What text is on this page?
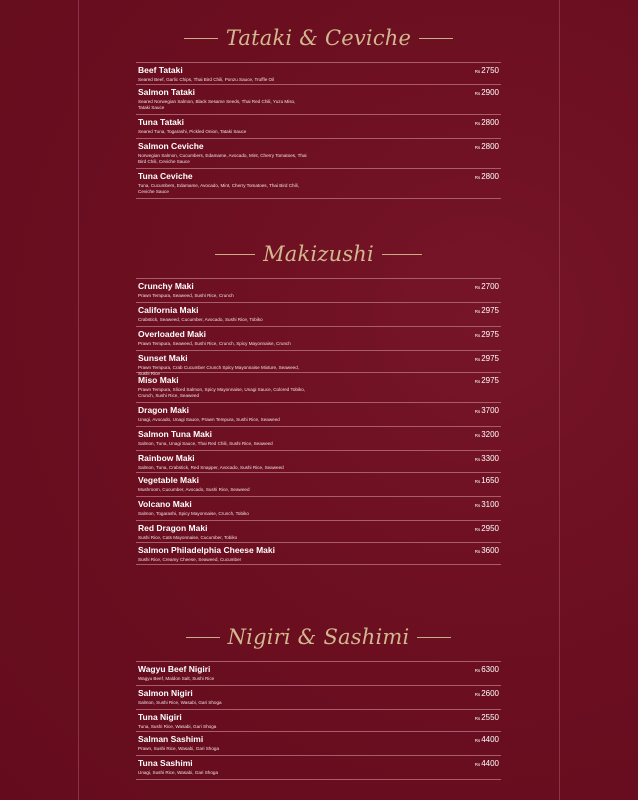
Tataki & Ceviche
Beef Tataki
Seared Beef, Garlic Chips, Thai Bird Chili, Ponzu Sauce, Truffle Oil
Rs2750
Salmon Tataki
Seared Norwegian Salmon, Black Sesame Seeds, Thai Red Chili, Yuzu Miso, Tataki Sauce
Rs2900
Tuna Tataki
Seared Tuna, Togarashi, Pickled Onion, Tataki Sauce
Rs2800
Salmon Ceviche
Norwegian Salmon, Cucumbers, Edamame, Avocado, Mint, Cherry Tomatoes, Thai Bird Chili, Ceviche Sauce
Rs2800
Tuna Ceviche
Tuna, Cucumbers, Edamame, Avocado, Mint, Cherry Tomatoes, Thai Bird Chili, Ceviche Sauce
Rs2800
Makizushi
Crunchy Maki
Prawn Tempura, Seaweed, Sushi Rice, Crunch
Rs2700
California Maki
Crabstick, Seaweed, Cucumber, Avocado, Sushi Rice, Tobiko
Rs2975
Overloaded Maki
Prawn Tempura, Seaweed, Sushi Rice, Crunch, Spicy Mayonnaise, Crunch
Rs2975
Sunset Maki
Prawn Tempura, Crab Cucumber Crunch Spicy Mayonnaise Mixture, Seaweed, Sushi Rice
Rs2975
Miso Maki
Prawn Tempura, Sliced Salmon, Spicy Mayonnaise, Unagi Sauce, Colored Tobiko, Crunch, Sushi Rice, Seaweed
Rs2975
Dragon Maki
Unagi, Avocado, Unagi Sauce, Prawn Tempura, Sushi Rice, Seaweed
Rs3700
Salmon Tuna Maki
Salmon, Tuna, Unagi Sauce, Thai Red Chili, Sushi Rice, Seaweed
Rs3200
Rainbow Maki
Salmon, Tuna, Crabstick, Red Snapper, Avocado, Sushi Rice, Seaweed
Rs3300
Vegetable Maki
Mushroom, Cucumber, Avocado, Sushi Rice, Seaweed
Rs1650
Volcano Maki
Salmon, Togarashi, Spicy Mayonnaise, Crunch, Tobiko
Rs3100
Red Dragon Maki
Sushi Rice, Cats Mayonnaise, Cucumber, Tobiko
Rs2950
Salmon Philadelphia Cheese Maki
Sushi Rice, Creamy Cheese, Seaweed, Cucumber
Rs3600
Nigiri & Sashimi
Wagyu Beef Nigiri
Wagyu Beef, Maldon Salt, Sushi Rice
Rs6300
Salmon Nigiri
Salmon, Sushi Rice, Wasabi, Gari Shoga
Rs2600
Tuna Nigiri
Tuna, Sushi Rice, Wasabi, Gari Shoga
Rs2550
Salman Sashimi
Prawn, Sushi Rice, Wasabi, Gari Shoga
Rs4400
Tuna Sashimi
Unagi, Sushi Rice, Wasabi, Gari Shoga
Rs4400
